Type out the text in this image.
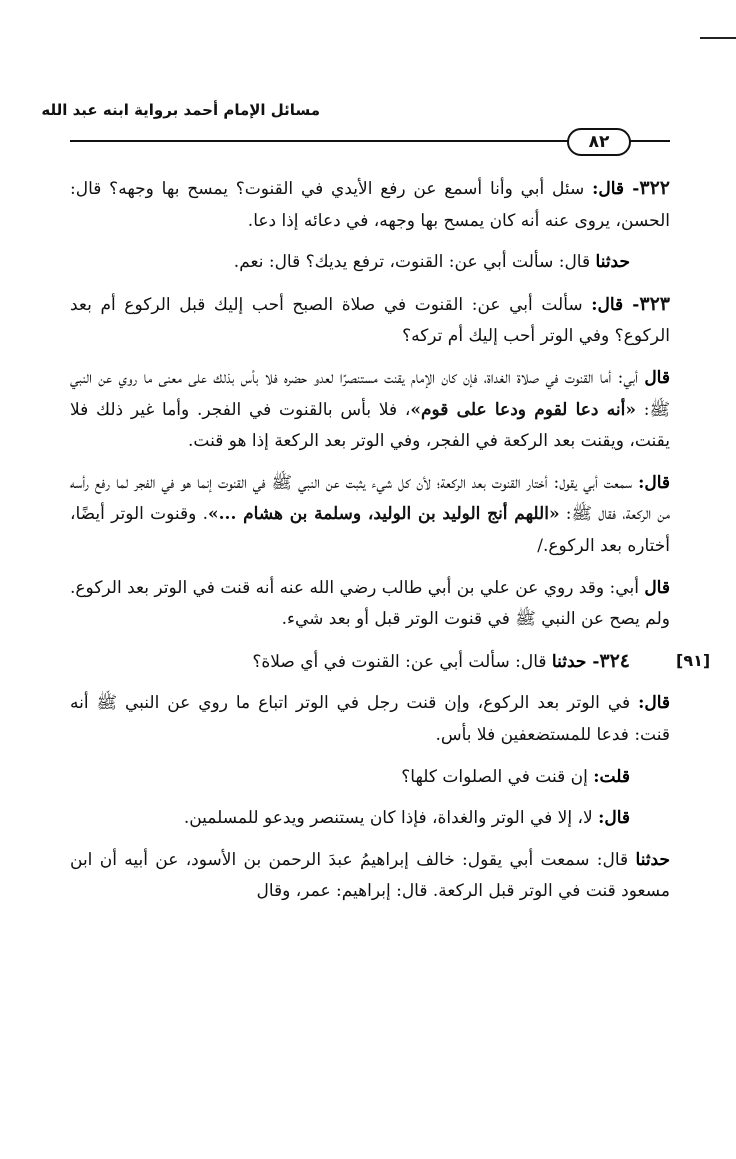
مسائل الإمام أحمد برواية ابنه عبد الله
٨٢
[٩١]

٣٢٢- قال: سئل أبي وأنا أسمع عن رفع الأيدي في القنوت؟ يمسح بها وجهه؟ قال: الحسن، يروى عنه أنه كان يمسح بها وجهه، في دعائه إذا دعا.

حدثنا قال: سألت أبي عن: القنوت، ترفع يديك؟ قال: نعم.

٣٢٣- قال: سألت أبي عن: القنوت في صلاة الصبح أحب إليك قبل الركوع أم بعد الركوع؟ وفي الوتر أحب إليك أم تركه؟

قال أبي: أما القنوت في صلاة الغداة، فإن كان الإمام يقنت مستنصرًا لعدو حضره فلا بأس بذلك على معنى ما روي عن النبي ﷺ: «أنه دعا لقوم ودعا على قوم»، فلا بأس بالقنوت في الفجر. وأما غير ذلك فلا يقنت، ويقنت بعد الركعة في الفجر، وفي الوتر بعد الركعة إذا هو قنت.

قال: سمعت أبي يقول: أختار القنوت بعد الركعة؛ لأن كل شيء يثبت عن النبي ﷺ في القنوت إنما هو في الفجر لما رفع رأسه من الركعة، فقال ﷺ: «اللهم أنج الوليد بن الوليد، وسلمة بن هشام ...». وقنوت الوتر أيضًا، أختاره بعد الركوع./

قال أبي: وقد روي عن علي بن أبي طالب رضي الله عنه أنه قنت في الوتر بعد الركوع. ولم يصح عن النبي ﷺ في قنوت الوتر قبل أو بعد شيء.

٣٢٤- حدثنا قال: سألت أبي عن: القنوت في أي صلاة؟

قال: في الوتر بعد الركوع، وإن قنت رجل في الوتر اتباع ما روي عن النبي ﷺ أنه قنت: فدعا للمستضعفين فلا بأس.

قلت: إن قنت في الصلوات كلها؟

قال: لا، إلا في الوتر والغداة، فإذا كان يستنصر ويدعو للمسلمين.

حدثنا قال: سمعت أبي يقول: خالف إبراهيمُ عبدَ الرحمن بن الأسود، عن أبيه أن ابن مسعود قنت في الوتر قبل الركعة. قال: إبراهيم: عمر، وقال
